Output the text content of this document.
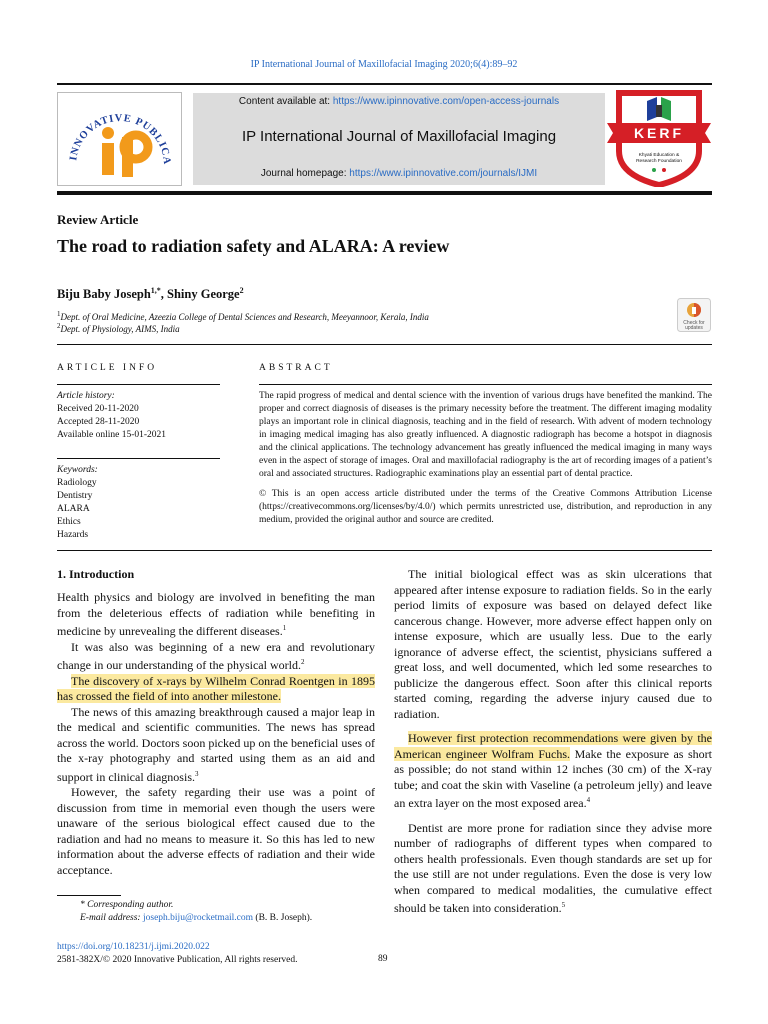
IP International Journal of Maxillofacial Imaging 2020;6(4):89–92
INNOVATIVE PUBLICA
Content available at: https://www.ipinnovative.com/open-access-journals
IP International Journal of Maxillofacial Imaging
Journal homepage: https://www.ipinnovative.com/journals/IJMI
KERF
Khyati Education &
Research Foundation
Review Article
The road to radiation safety and ALARA: A review
Biju Baby Joseph$^{1,*}$, Shiny George$^2$
$^1$Dept. of Oral Medicine, Azeezia College of Dental Sciences and Research, Meeyannoor, Kerala, India
$^2$Dept. of Physiology, AIMS, India
Check for
updates
ARTICLE INFO
Article history:
Received 20-11-2020
Accepted 28-11-2020
Available online 15-01-2021
Keywords:
Radiology
Dentistry
ALARA
Ethics
Hazards
ABSTRACT
The rapid progress of medical and dental science with the invention of various drugs have benefited the mankind. The proper and correct diagnosis of diseases is the primary necessity before the treatment. The different imaging modality plays an important role in clinical diagnosis, teaching and in the field of research. With advent of modern technology in imaging medical imaging has also greatly influenced. A diagnostic radiograph has become a hotspot in diagnosis and the clinical applications. The technology advancement has greatly influenced the medical imaging in many ways even in the aspect of storage of images. Oral and maxillofacial radiography is the art of recording images of a patient’s oral and associated structures. Radiographic examinations play an essential part of dental practice.
© This is an open access article distributed under the terms of the Creative Commons Attribution License (https://creativecommons.org/licenses/by/4.0/) which permits unrestricted use, distribution, and reproduction in any medium, provided the original author and source are credited.
1. Introduction

Health physics and biology are involved in benefiting the man from the deleterious effects of radiation while benefiting in medicine by unrevealing the different diseases.$^1$

It was also was beginning of a new era and revolutionary change in our understanding of the physical world.$^2$

The discovery of x-rays by Wilhelm Conrad Roentgen in 1895 has crossed the field of into another milestone.

The news of this amazing breakthrough caused a major leap in the medical and scientific communities. The news has spread across the world. Doctors soon picked up on the beneficial uses of the x-ray photography and started using them as an aid and support in clinical diagnosis.$^3$

However, the safety regarding their use was a point of discussion from time in memorial even though the users were unaware of the serious biological effect caused due to the radiation and had no means to measure it. So this has led to new information about the adverse effects of radiation and their wide acceptance.

The initial biological effect was as skin ulcerations that appeared after intense exposure to radiation fields. So in the early period limits of exposure was based on delayed defect like cancerous change. However, more adverse effect happen only on intense exposure, which are usually less. Due to the early ignorance of adverse effect, the scientist, physicians suffered a great loss, and well documented, which led some researches to publicize the dangerous effect. Soon after this clinical reports started coming, regarding the adverse injury caused due to radiation.

However first protection recommendations were given by the American engineer Wolfram Fuchs. Make the exposure as short as possible; do not stand within 12 inches (30 cm) of the X-ray tube; and coat the skin with Vaseline (a petroleum jelly) and leave an extra layer on the most exposed area.$^4$

Dentist are more prone for radiation since they advise more number of radiographs of different types when compared to others health professionals. Even though standards are set up for the use still are not under regulations. Even the dose is very low when compared to medical modalities, the cumulative effect should be taken into consideration.$^5$

* Corresponding author.
E-mail address: joseph.biju@rocketmail.com (B. B. Joseph).
https://doi.org/10.18231/j.ijmi.2020.022
2581-382X/© 2020 Innovative Publication, All rights reserved.	89
